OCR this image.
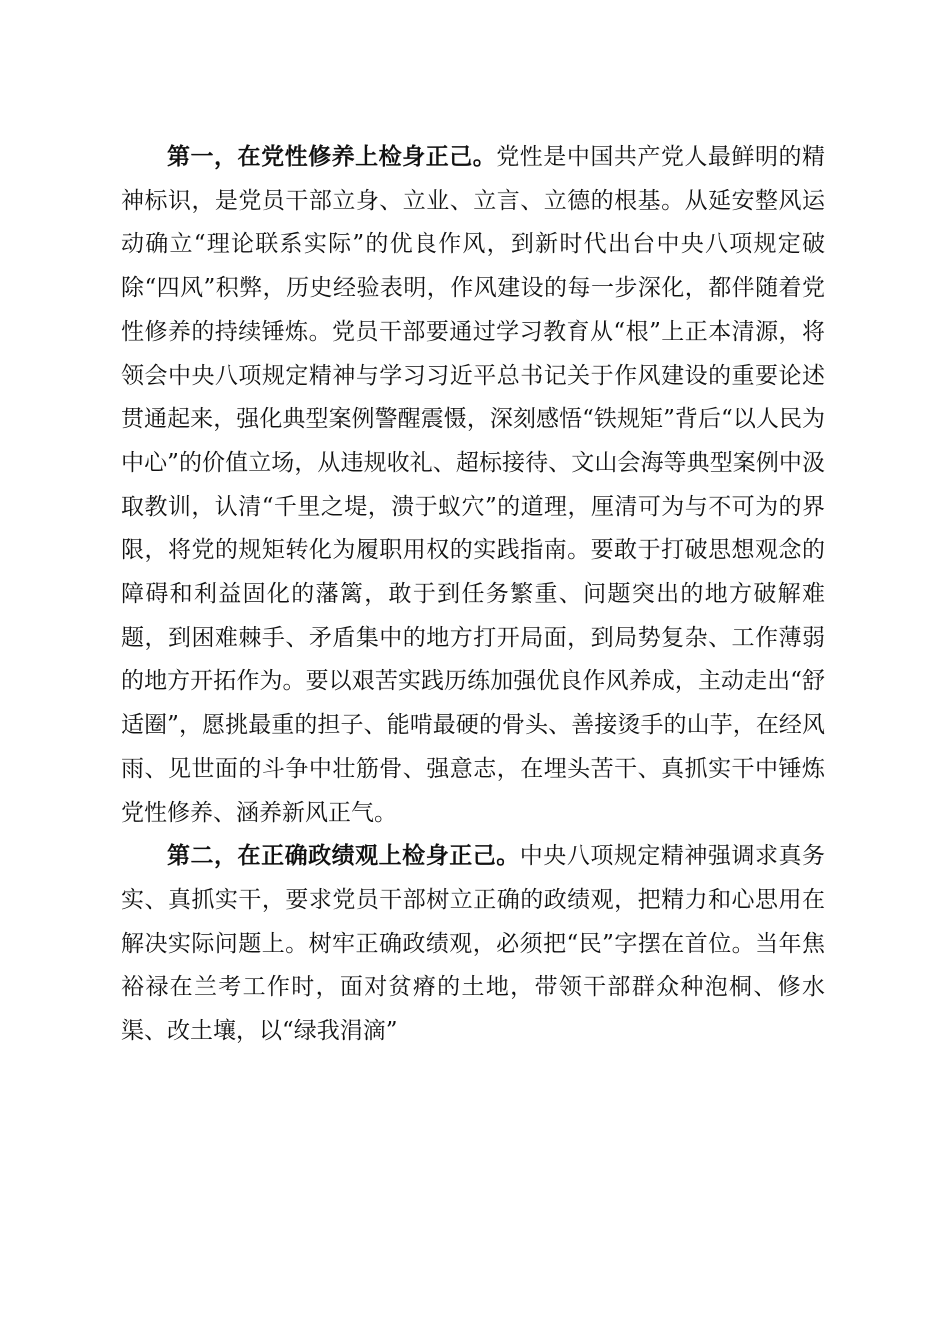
第一，在党性修养上检身正己。党性是中国共产党人最鲜明的精神标识，是党员干部立身、立业、立言、立德的根基。从延安整风运动确立“理论联系实际”的优良作风，到新时代出台中央八项规定破除“四风”积弊，历史经验表明，作风建设的每一步深化，都伴随着党性修养的持续锤炼。党员干部要通过学习教育从“根”上正本清源，将领会中央八项规定精神与学习习近平总书记关于作风建设的重要论述贯通起来，强化典型案例警醒震慑，深刻感悟“铁规矩”背后“以人民为中心”的价值立场，从违规收礼、超标接待、文山会海等典型案例中汲取教训，认清“千里之堤，溃于蚁穴”的道理，厘清可为与不可为的界限，将党的规矩转化为履职用权的实践指南。要敢于打破思想观念的障碍和利益固化的藩篱，敢于到任务繁重、问题突出的地方破解难题，到困难棘手、矛盾集中的地方打开局面，到局势复杂、工作薄弱的地方开拓作为。要以艰苦实践历练加强优良作风养成，主动走出“舒适圈”，愿挑最重的担子、能啃最硬的骨头、善接烫手的山芋，在经风雨、见世面的斗争中壮筋骨、强意志，在埋头苦干、真抓实干中锤炼党性修养、涵养新风正气。

第二，在正确政绩观上检身正己。中央八项规定精神强调求真务实、真抓实干，要求党员干部树立正确的政绩观，把精力和心思用在解决实际问题上。树牢正确政绩观，必须把“民”字摆在首位。当年焦裕禄在兰考工作时，面对贫瘠的土地，带领干部群众种泡桐、修水渠、改土壤，以“绿我涓滴”
